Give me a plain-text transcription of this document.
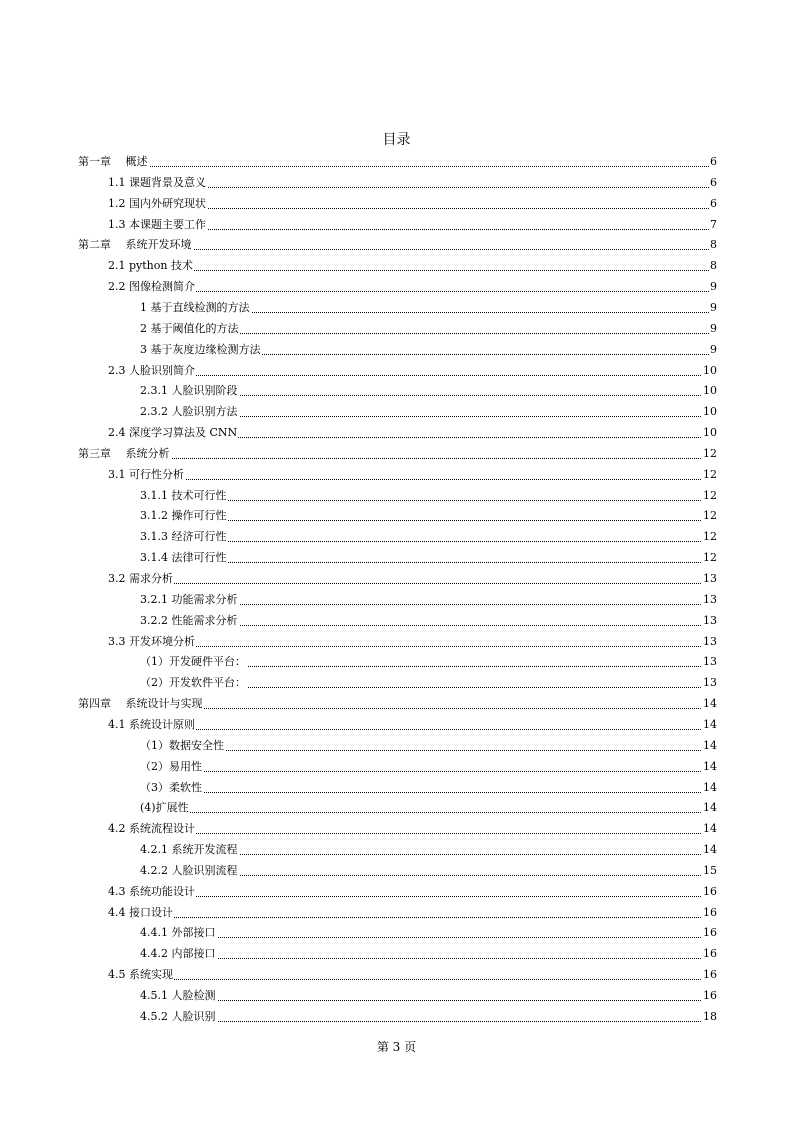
目录
第一章　 概述	6
1.1 课题背景及意义	6
1.2 国内外研究现状	6
1.3 本课题主要工作	7
第二章　 系统开发环境	8
2.1 python 技术	8
2.2 图像检测简介	9
1 基于直线检测的方法	9
2 基于阈值化的方法	9
3 基于灰度边缘检测方法	9
2.3 人脸识别简介	10
2.3.1 人脸识别阶段	10
2.3.2 人脸识别方法	10
2.4 深度学习算法及 CNN	10
第三章　 系统分析	12
3.1 可行性分析	12
3.1.1 技术可行性	12
3.1.2 操作可行性	12
3.1.3 经济可行性	12
3.1.4 法律可行性	12
3.2 需求分析	13
3.2.1 功能需求分析	13
3.2.2 性能需求分析	13
3.3 开发环境分析	13
（1）开发硬件平台：	13
（2）开发软件平台：	13
第四章　 系统设计与实现	14
4.1 系统设计原则	14
（1）数据安全性	14
（2）易用性	14
（3）柔软性	14
(4)扩展性	14
4.2 系统流程设计	14
4.2.1 系统开发流程	14
4.2.2 人脸识别流程	15
4.3 系统功能设计	16
4.4 接口设计	16
4.4.1 外部接口	16
4.4.2 内部接口	16
4.5 系统实现	16
4.5.1 人脸检测	16
4.5.2 人脸识别	18
第 3 页
